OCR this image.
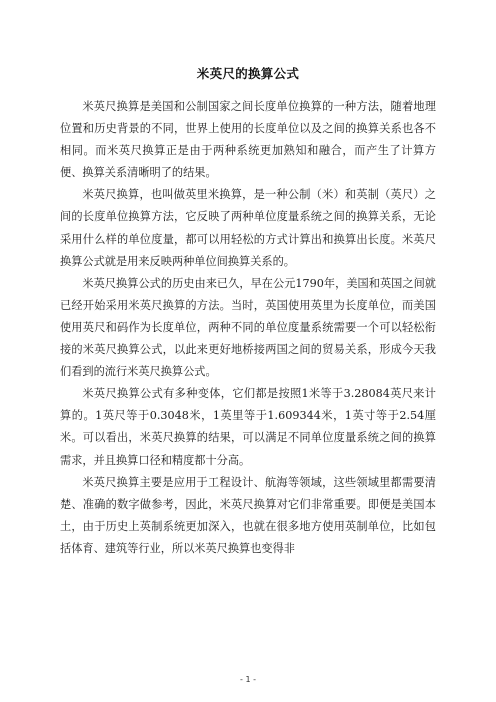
米英尺的换算公式

米英尺换算是美国和公制国家之间长度单位换算的一种方法，随着地理位置和历史背景的不同，世界上使用的长度单位以及之间的换算关系也各不相同。而米英尺换算正是由于两种系统更加熟知和融合，而产生了计算方便、换算关系清晰明了的结果。

米英尺换算，也叫做英里米换算，是一种公制（米）和英制（英尺）之间的长度单位换算方法，它反映了两种单位度量系统之间的换算关系，无论采用什么样的单位度量，都可以用轻松的方式计算出和换算出长度。米英尺换算公式就是用来反映两种单位间换算关系的。

米英尺换算公式的历史由来已久，早在公元1790年，美国和英国之间就已经开始采用米英尺换算的方法。当时，英国使用英里为长度单位，而美国使用英尺和码作为长度单位，两种不同的单位度量系统需要一个可以轻松衔接的米英尺换算公式，以此来更好地桥接两国之间的贸易关系，形成今天我们看到的流行米英尺换算公式。

米英尺换算公式有多种变体，它们都是按照1米等于3.28084英尺来计算的。1英尺等于0.3048米，1英里等于1.609344米，1英寸等于2.54厘米。可以看出，米英尺换算的结果，可以满足不同单位度量系统之间的换算需求，并且换算口径和精度都十分高。

米英尺换算主要是应用于工程设计、航海等领域，这些领域里都需要清楚、准确的数字做参考，因此，米英尺换算对它们非常重要。即便是美国本土，由于历史上英制系统更加深入，也就在很多地方使用英制单位，比如包括体育、建筑等行业，所以米英尺换算也变得非

- 1 -
